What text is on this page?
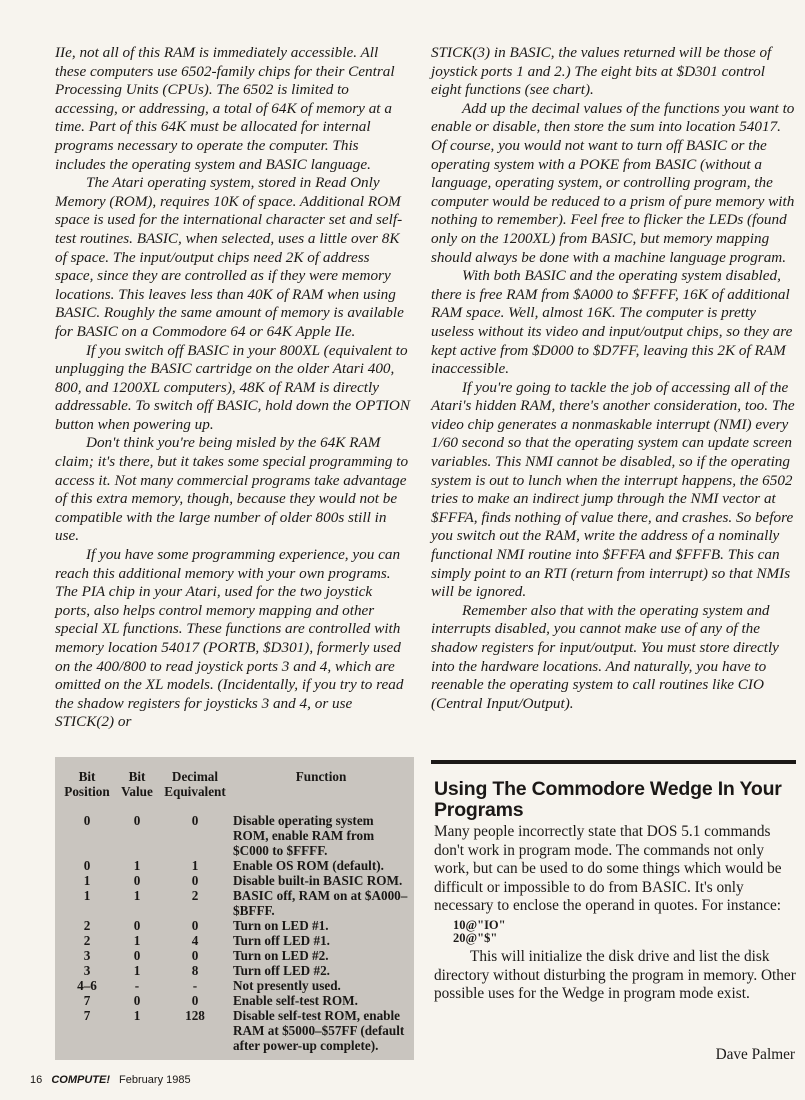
IIe, not all of this RAM is immediately accessible. All these computers use 6502-family chips for their Central Processing Units (CPUs). The 6502 is limited to accessing, or addressing, a total of 64K of memory at a time. Part of this 64K must be allocated for internal programs necessary to operate the computer. This includes the operating system and BASIC language.

The Atari operating system, stored in Read Only Memory (ROM), requires 10K of space. Additional ROM space is used for the international character set and self-test routines. BASIC, when selected, uses a little over 8K of space. The input/output chips need 2K of address space, since they are controlled as if they were memory locations. This leaves less than 40K of RAM when using BASIC. Roughly the same amount of memory is available for BASIC on a Commodore 64 or 64K Apple IIe.

If you switch off BASIC in your 800XL (equivalent to unplugging the BASIC cartridge on the older Atari 400, 800, and 1200XL computers), 48K of RAM is directly addressable. To switch off BASIC, hold down the OPTION button when powering up.

Don't think you're being misled by the 64K RAM claim; it's there, but it takes some special programming to access it. Not many commercial programs take advantage of this extra memory, though, because they would not be compatible with the large number of older 800s still in use.

If you have some programming experience, you can reach this additional memory with your own programs. The PIA chip in your Atari, used for the two joystick ports, also helps control memory mapping and other special XL functions. These functions are controlled with memory location 54017 (PORTB, $D301), formerly used on the 400/800 to read joystick ports 3 and 4, which are omitted on the XL models. (Incidentally, if you try to read the shadow registers for joysticks 3 and 4, or use STICK(2) or

STICK(3) in BASIC, the values returned will be those of joystick ports 1 and 2.) The eight bits at $D301 control eight functions (see chart).

Add up the decimal values of the functions you want to enable or disable, then store the sum into location 54017. Of course, you would not want to turn off BASIC or the operating system with a POKE from BASIC (without a language, operating system, or controlling program, the computer would be reduced to a prism of pure memory with nothing to remember). Feel free to flicker the LEDs (found only on the 1200XL) from BASIC, but memory mapping should always be done with a machine language program.

With both BASIC and the operating system disabled, there is free RAM from $A000 to $FFFF, 16K of additional RAM space. Well, almost 16K. The computer is pretty useless without its video and input/output chips, so they are kept active from $D000 to $D7FF, leaving this 2K of RAM inaccessible.

If you're going to tackle the job of accessing all of the Atari's hidden RAM, there's another consideration, too. The video chip generates a nonmaskable interrupt (NMI) every 1/60 second so that the operating system can update screen variables. This NMI cannot be disabled, so if the operating system is out to lunch when the interrupt happens, the 6502 tries to make an indirect jump through the NMI vector at $FFFA, finds nothing of value there, and crashes. So before you switch out the RAM, write the address of a nominally functional NMI routine into $FFFA and $FFFB. This can simply point to an RTI (return from interrupt) so that NMIs will be ignored.

Remember also that with the operating system and interrupts disabled, you cannot make use of any of the shadow registers for input/output. You must store directly into the hardware locations. And naturally, you have to reenable the operating system to call routines like CIO (Central Input/Output).

Bit Position	Bit Value	Decimal Equivalent	Function
0	0	0	Disable operating system ROM, enable RAM from $C000 to $FFFF.
0	1	1	Enable OS ROM (default).
1	0	0	Disable built-in BASIC ROM.
1	1	2	BASIC off, RAM on at $A000–$BFFF.
2	0	0	Turn on LED #1.
2	1	4	Turn off LED #1.
3	0	0	Turn on LED #2.
3	1	8	Turn off LED #2.
4–6	-	-	Not presently used.
7	0	0	Enable self-test ROM.
7	1	128	Disable self-test ROM, enable RAM at $5000–$57FF (default after power-up complete).
Using The Commodore Wedge In Your Programs

Many people incorrectly state that DOS 5.1 commands don't work in program mode. The commands not only work, but can be used to do some things which would be difficult or impossible to do from BASIC. It's only necessary to enclose the operand in quotes. For instance:

10@"IO"
20@"$"

This will initialize the disk drive and list the disk directory without disturbing the program in memory. Other possible uses for the Wedge in program mode exist.

Dave Palmer
16 COMPUTE! February 1985
